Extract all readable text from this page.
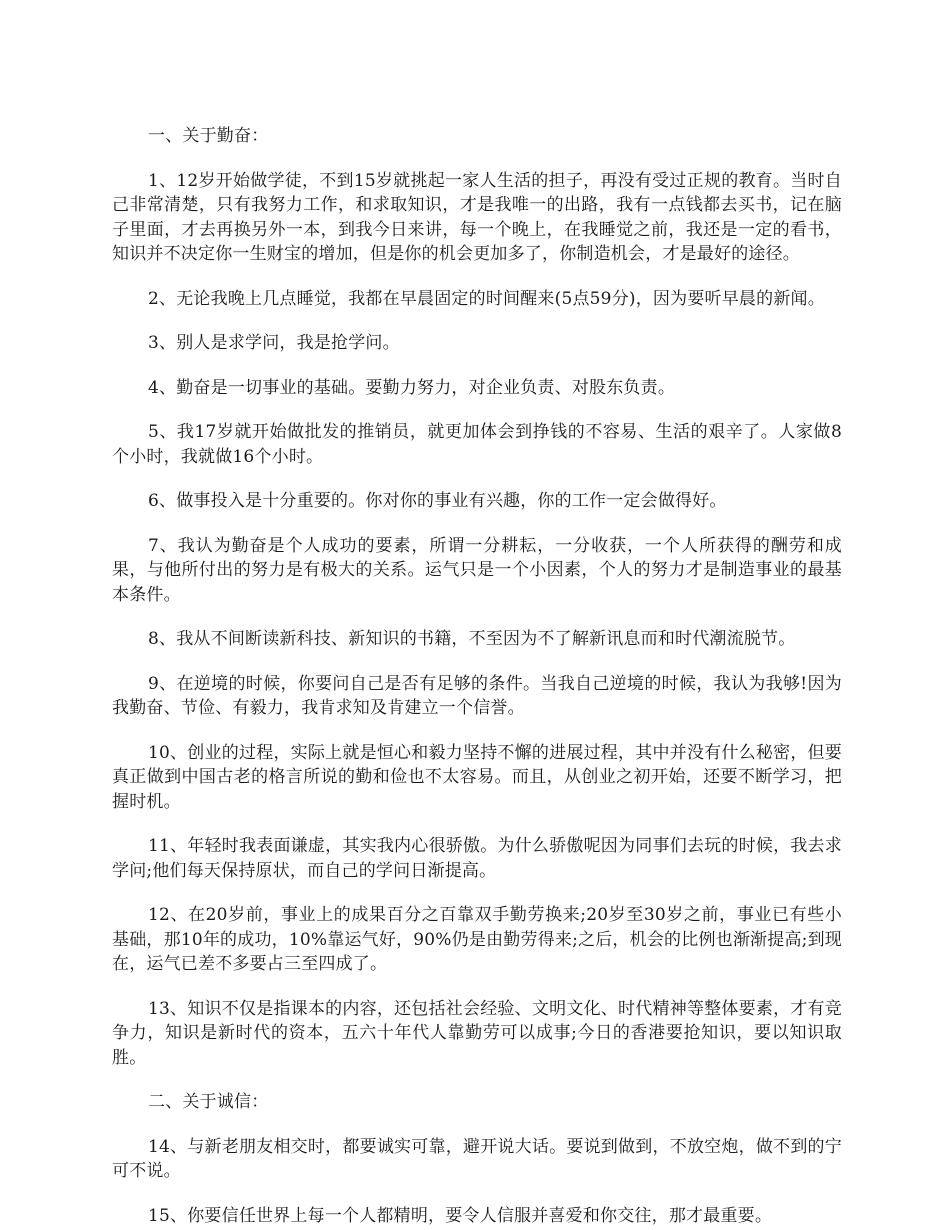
一、关于勤奋：

1、12岁开始做学徒，不到15岁就挑起一家人生活的担子，再没有受过正规的教育。当时自己非常清楚，只有我努力工作，和求取知识，才是我唯一的出路，我有一点钱都去买书，记在脑子里面，才去再换另外一本，到我今日来讲，每一个晚上，在我睡觉之前，我还是一定的看书，知识并不决定你一生财宝的增加，但是你的机会更加多了，你制造机会，才是最好的途径。

2、无论我晚上几点睡觉，我都在早晨固定的时间醒来(5点59分)，因为要听早晨的新闻。

3、别人是求学问，我是抢学问。

4、勤奋是一切事业的基础。要勤力努力，对企业负责、对股东负责。

5、我17岁就开始做批发的推销员，就更加体会到挣钱的不容易、生活的艰辛了。人家做8个小时，我就做16个小时。

6、做事投入是十分重要的。你对你的事业有兴趣，你的工作一定会做得好。

7、我认为勤奋是个人成功的要素，所谓一分耕耘，一分收获，一个人所获得的酬劳和成果，与他所付出的努力是有极大的关系。运气只是一个小因素，个人的努力才是制造事业的最基本条件。

8、我从不间断读新科技、新知识的书籍，不至因为不了解新讯息而和时代潮流脱节。

9、在逆境的时候，你要问自己是否有足够的条件。当我自己逆境的时候，我认为我够!因为我勤奋、节俭、有毅力，我肯求知及肯建立一个信誉。

10、创业的过程，实际上就是恒心和毅力坚持不懈的进展过程，其中并没有什么秘密，但要真正做到中国古老的格言所说的勤和俭也不太容易。而且，从创业之初开始，还要不断学习，把握时机。

11、年轻时我表面谦虚，其实我内心很骄傲。为什么骄傲呢因为同事们去玩的时候，我去求学问;他们每天保持原状，而自己的学问日渐提高。

12、在20岁前，事业上的成果百分之百靠双手勤劳换来;20岁至30岁之前，事业已有些小基础，那10年的成功，10%靠运气好，90%仍是由勤劳得来;之后，机会的比例也渐渐提高;到现在，运气已差不多要占三至四成了。

13、知识不仅是指课本的内容，还包括社会经验、文明文化、时代精神等整体要素，才有竞争力，知识是新时代的资本，五六十年代人靠勤劳可以成事;今日的香港要抢知识，要以知识取胜。

二、关于诚信：

14、与新老朋友相交时，都要诚实可靠，避开说大话。要说到做到，不放空炮，做不到的宁可不说。

15、你要信任世界上每一个人都精明，要令人信服并喜爱和你交往，那才最重要。
